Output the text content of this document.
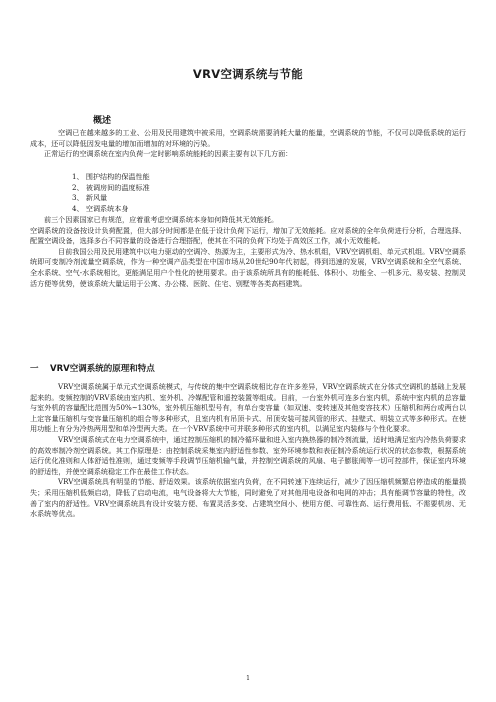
VRV空调系统与节能
概述

空调已在越来越多的工业、公用及民用建筑中被采用，空调系统需要消耗大量的能量，空调系统的节能，不仅可以降低系统的运行成本，还可以降低因发电量的增加而增加的对环境的污染。

正常运行的空调系统在室内负荷一定时影响系统能耗的因素主要有以下几方面：

1、 围护结构的保温性能
2、 被调房间的温度标准
3、 新风量
4、 空调系统本身

前三个因素国家已有规范，应着重考虑空调系统本身如何降低其无效能耗。

空调系统的设备按设计负荷配置，但大部分时间都是在低于设计负荷下运行，增加了无效能耗。应对系统的全年负荷进行分析，合理选择、配置空调设备，选择多台不同容量的设备进行合理搭配，使其在不同的负荷下均处于高效区工作，减小无效能耗。

目前我国公用及民用建筑中以电力驱动的空调冷、热源为主，主要形式为冷、热水机组，VRV空调机组、单元式机组。VRV空调系统即可变制冷剂流量空调系统，作为一种空调产品类型在中国市场从20世纪90年代初起，得到迅速的发展，VRV空调系统和全空气系统、全水系统、空气-水系统相比，更能满足用户个性化的使用要求。由于该系统所具有的能耗低、体积小、功能全、一机多元、易安装、控制灵活方便等优势，使该系统大量运用于公寓、办公楼、医院、住宅、别墅等各类高档建筑。

一 VRV空调系统的原理和特点

VRV空调系统属于单元式空调系统模式，与传统的集中空调系统相比存在许多差异，VRV空调系统式在分体式空调机的基础上发展起来的。变频控制的VRV系统由室内机、室外机、冷媒配管和遥控装置等组成。目前，一台室外机可连多台室内机，系统中室内机的总容量与室外机的容量配比范围为50%~130%，室外机压缩机型号有，有单台变容量（如双速、变转速及其他变容技术）压缩机和两台或两台以上定容量压缩机与变容量压缩机的组合等多种形式，且室内机有吊顶卡式、吊顶安装可接风管的形式、挂壁式、明装立式等多种形式。在使用功能上有分为冷热两用型和单冷型两大类。在一个VRV系统中可并联多种形式的室内机，以满足室内装修与个性化要求。

VRV空调系统式在电力空调系统中，通过控制压缩机的制冷循环量和进入室内换热器的制冷剂流量，适时地满足室内冷热负荷要求的高效率制冷剂空调系统。其工作原理是：由控制系统采集室内舒适性参数、室外环境参数和表征制冷系统运行状况的状态参数，根据系统运行优化准则和人体舒适性准则，通过变频等手段调节压缩机输气量，并控制空调系统的风扇、电子膨胀阀等一切可控部件，保证室内环境的舒适性，并使空调系统稳定工作在最佳工作状态。

VRV空调系统具有明显的节能、舒适效果。该系统依据室内负荷，在不同转速下连续运行，减少了因压缩机频繁启停造成的能量损失；采用压缩机低频启动，降低了启动电流，电气设备将大大节能，同时避免了对其他用电设备和电网的冲击；具有能调节容量的特性，改善了室内的舒适性。VRV空调系统具有设计安装方便、布置灵活多变、占建筑空间小、使用方便、可靠性高、运行费用低、不需要机房、无水系统等优点。

1
